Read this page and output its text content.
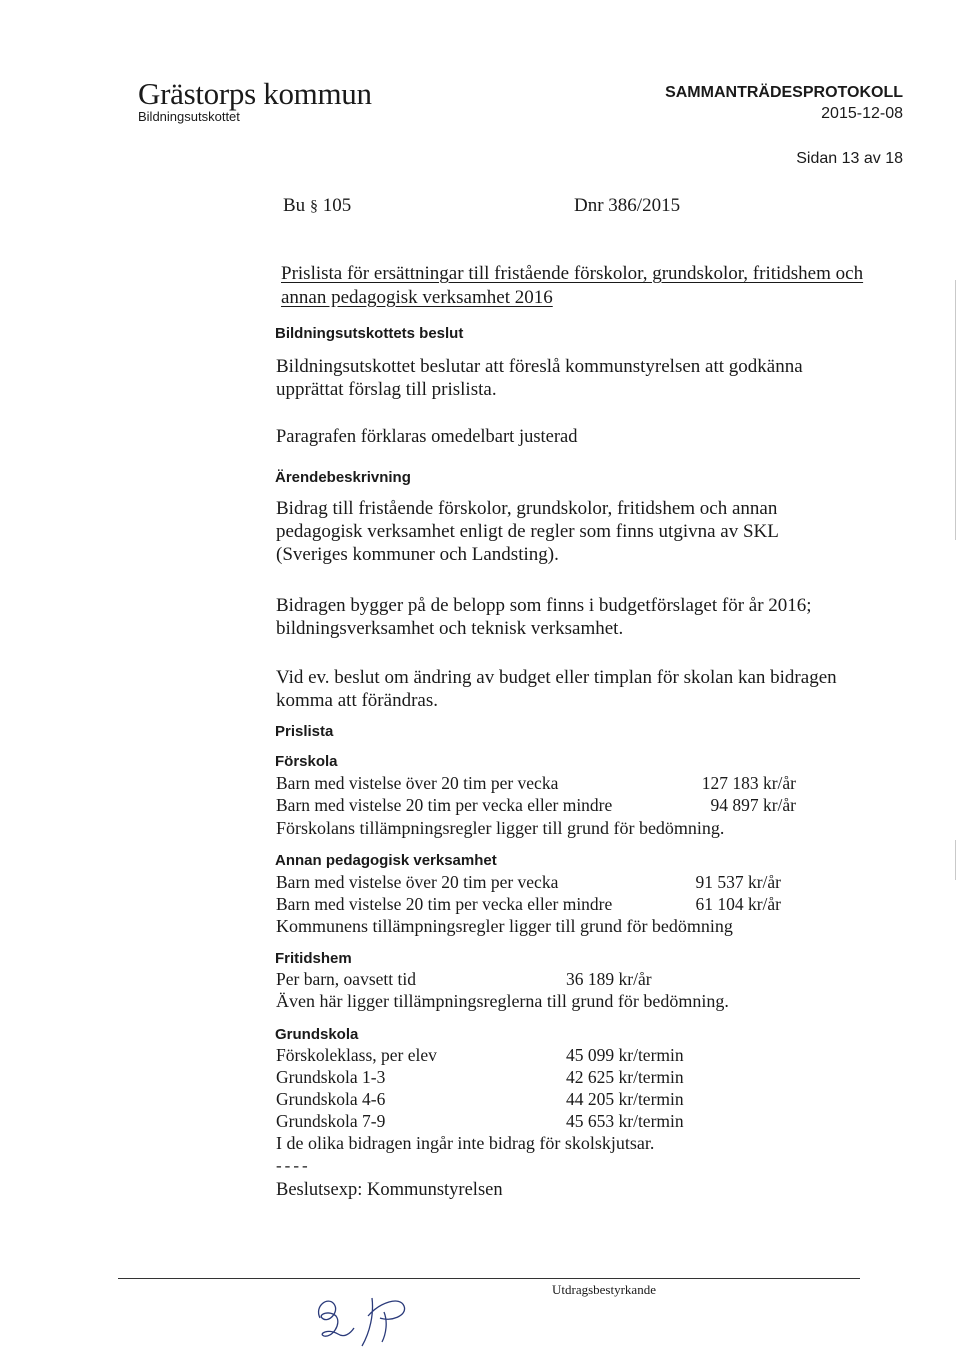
Grästorps kommun
Bildningsutskottet
SAMMANTRÄDESPROTOKOLL
2015-12-08
Sidan 13 av 18
Bu § 105	Dnr 386/2015
Prislista för ersättningar till fristående förskolor, grundskolor, fritidshem och annan pedagogisk verksamhet 2016
Bildningsutskottets beslut
Bildningsutskottet beslutar att föreslå kommunstyrelsen att godkänna upprättat förslag till prislista.
Paragrafen förklaras omedelbart justerad
Ärendebeskrivning
Bidrag till fristående förskolor, grundskolor, fritidshem och annan pedagogisk verksamhet enligt de regler som finns utgivna av SKL (Sveriges kommuner och Landsting).
Bidragen bygger på de belopp som finns i budgetförslaget för år 2016; bildningsverksamhet och teknisk verksamhet.
Vid ev. beslut om ändring av budget eller timplan för skolan kan bidragen komma att förändras.
Prislista
Förskola
Barn med vistelse över 20 tim per vecka	127 183 kr/år
Barn med vistelse 20 tim per vecka eller mindre	94 897 kr/år
Förskolans tillämpningsregler ligger till grund för bedömning.
Annan pedagogisk verksamhet
Barn med vistelse över 20 tim per vecka	91 537 kr/år
Barn med vistelse 20 tim per vecka eller mindre	61 104 kr/år
Kommunens tillämpningsregler ligger till grund för bedömning
Fritidshem
Per barn, oavsett tid	36 189 kr/år
Även här ligger tillämpningsreglerna till grund för bedömning.
Grundskola
Förskoleklass, per elev	45 099 kr/termin
Grundskola 1-3	42 625 kr/termin
Grundskola 4-6	44 205 kr/termin
Grundskola 7-9	45 653 kr/termin
I de olika bidragen ingår inte bidrag för skolskjutsar.
----
Beslutsexp: Kommunstyrelsen
Utdragsbestyrkande
